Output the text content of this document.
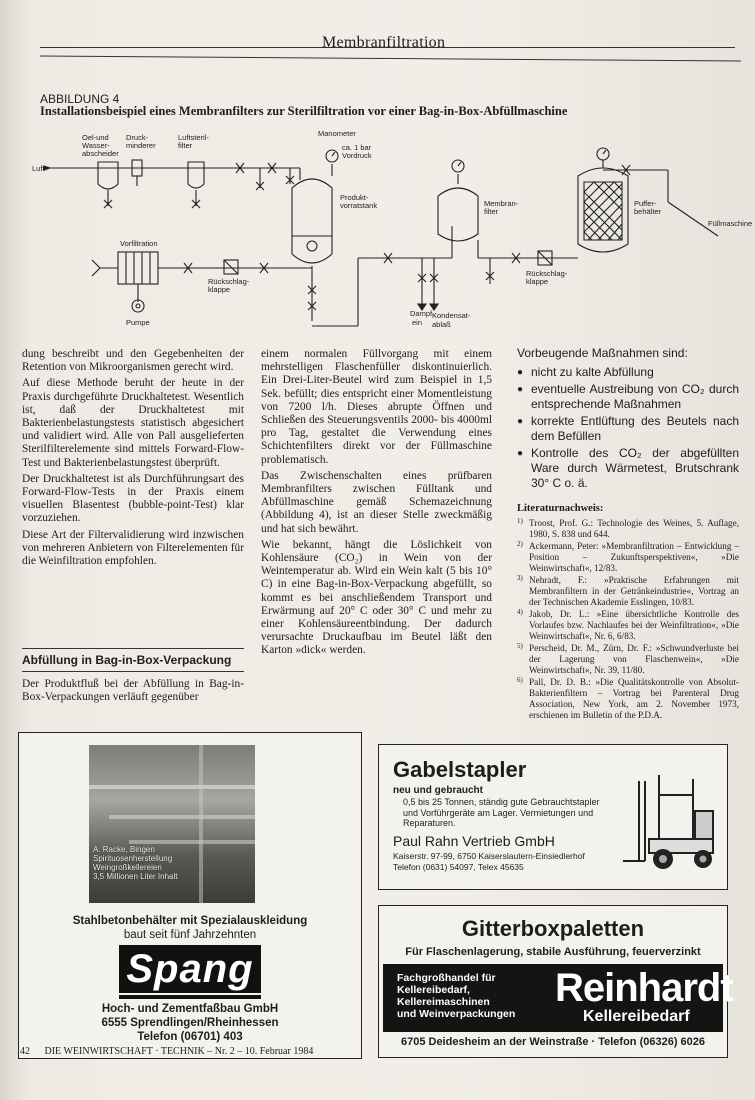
Membranfiltration
ABBILDUNG 4
Installationsbeispiel eines Membranfilters zur Sterilfiltration vor einer Bag-in-Box-Abfüllmaschine
Luft
Oel-und
Wasser-
abscheider
Druck-
minderer
Luftsteril-
filter
Manometer
ca. 1 bar
Vordruck
Produkt-
vorratstank	Membran-
filter
Puffer-
behälter
Füllmaschine
Vorfiltration
Rückschlag-
klappe
Rückschlag-
klappe
Pumpe
Dampf
ein
Kondensat-
ablaß

dung beschreibt und den Gegebenheiten der Retention von Mikroorganismen gerecht wird.

Auf diese Methode beruht der heute in der Praxis durchgeführte Druckhaltetest. Wesentlich ist, daß der Druckhaltetest mit Bakterienbelastungstests statistisch abgesichert und validiert wird. Alle von Pall ausgelieferten Sterilfilterelemente sind mittels Forward-Flow-Test und Bakterienbelastungstest überprüft.

Der Druckhaltetest ist als Durchführungsart des Forward-Flow-Tests in der Praxis einem visuellen Blasentest (bubble-point-Test) klar vorzuziehen.

Diese Art der Filtervalidierung wird inzwischen von mehreren Anbietern von Filterelementen für die Weinfiltration empfohlen.

Abfüllung in Bag-in-Box-Verpackung
Der Produktfluß bei der Abfüllung in Bag-in-Box-Verpackungen verläuft gegenüber

einem normalen Füllvorgang mit einem mehrstelligen Flaschenfüller diskontinuierlich. Ein Drei-Liter-Beutel wird zum Beispiel in 1,5 Sek. befüllt; dies entspricht einer Momentleistung von 7200 l/h. Dieses abrupte Öffnen und Schließen des Steuerungsventils 2000- bis 4000ml pro Tag, gestaltet die Verwendung eines Schichtenfilters direkt vor der Füllmaschine problematisch.

Das Zwischenschalten eines prüfbaren Membranfilters zwischen Fülltank und Abfüllmaschine gemäß Schemazeichnung (Abbildung 4), ist an dieser Stelle zweckmäßig und hat sich bewährt.

Wie bekannt, hängt die Löslichkeit von Kohlensäure (CO₂) in Wein von der Weintemperatur ab. Wird ein Wein kalt (5 bis 10° C) in eine Bag-in-Box-Verpackung abgefüllt, so kommt es bei anschließendem Transport und Erwärmung auf 20° C oder 30° C und mehr zu einer Kohlensäureentbindung. Der dadurch verursachte Druckaufbau im Beutel läßt den Karton »dick« werden.

Vorbeugende Maßnahmen sind:
● nicht zu kalte Abfüllung
● eventuelle Austreibung von CO₂ durch entsprechende Maßnahmen
● korrekte Entlüftung des Beutels nach dem Befüllen
● Kontrolle des CO₂ der abgefüllten Ware durch Wärmetest, Brutschrank 30° C o. ä.
Literaturnachweis:
1) Troost, Prof. G.: Technologie des Weines, 5. Auflage, 1980, S. 838 und 644.
2) Ackermann, Peter: »Membranfiltration – Entwicklung – Position – Zukunftsperspektiven«, »Die Weinwirtschaft«, 12/83.
3) Nehradt, F.: »Praktische Erfahrungen mit Membranfiltern in der Getränkeindustrie«, Vortrag an der Technischen Akademie Esslingen, 10/83.
4) Jakob, Dr. L.: »Eine übersichtliche Kontrolle des Vorlaufes bzw. Nachlaufes bei der Weinfiltration«, »Die Weinwirtschaft«, Nr. 6, 6/83.
5) Perscheid, Dr. M., Zürn, Dr. F.: »Schwundverluste bei der Lagerung von Flaschenwein«, »Die Weinwirtschaft«, Nr. 39, 11/80.
6) Pall, Dr. D. B.: »Die Qualitätskontrolle von Absolut-Bakterienfiltern – Vortrag bei Parenteral Drug Association, New York, am 2. November 1973, erschienen im Bulletin of the P.D.A.
A. Racke, Bingen
Spirituosenherstellung
Weingroßkellereien
3,5 Millionen Liter Inhalt
Stahlbetonbehälter mit Spezialauskleidung
baut seit fünf Jahrzehnten
Spang
Hoch- und Zementfaßbau GmbH
6555 Sprendlingen/Rheinhessen
Telefon (06701) 403
Gabelstapler
neu und gebraucht
0,5 bis 25 Tonnen, ständig gute Gebrauchtstapler und Vorführgeräte am Lager. Vermietungen und Reparaturen.
Paul Rahn Vertrieb GmbH
Kaiserstr. 97-99, 6750 Kaiserslautern-Einsiedlerhof
Telefon (0631) 54097, Telex 45635
Gitterboxpaletten
Für Flaschenlagerung, stabile Ausführung, feuerverzinkt
Fachgroßhandel für
Kellereibedarf,
Kellereimaschinen
und Weinverpackungen
Reinhardt
Kellereibedarf
6705 Deidesheim an der Weinstraße · Telefon (06326) 6026
42 DIE WEINWIRTSCHAFT · TECHNIK – Nr. 2 – 10. Februar 1984
